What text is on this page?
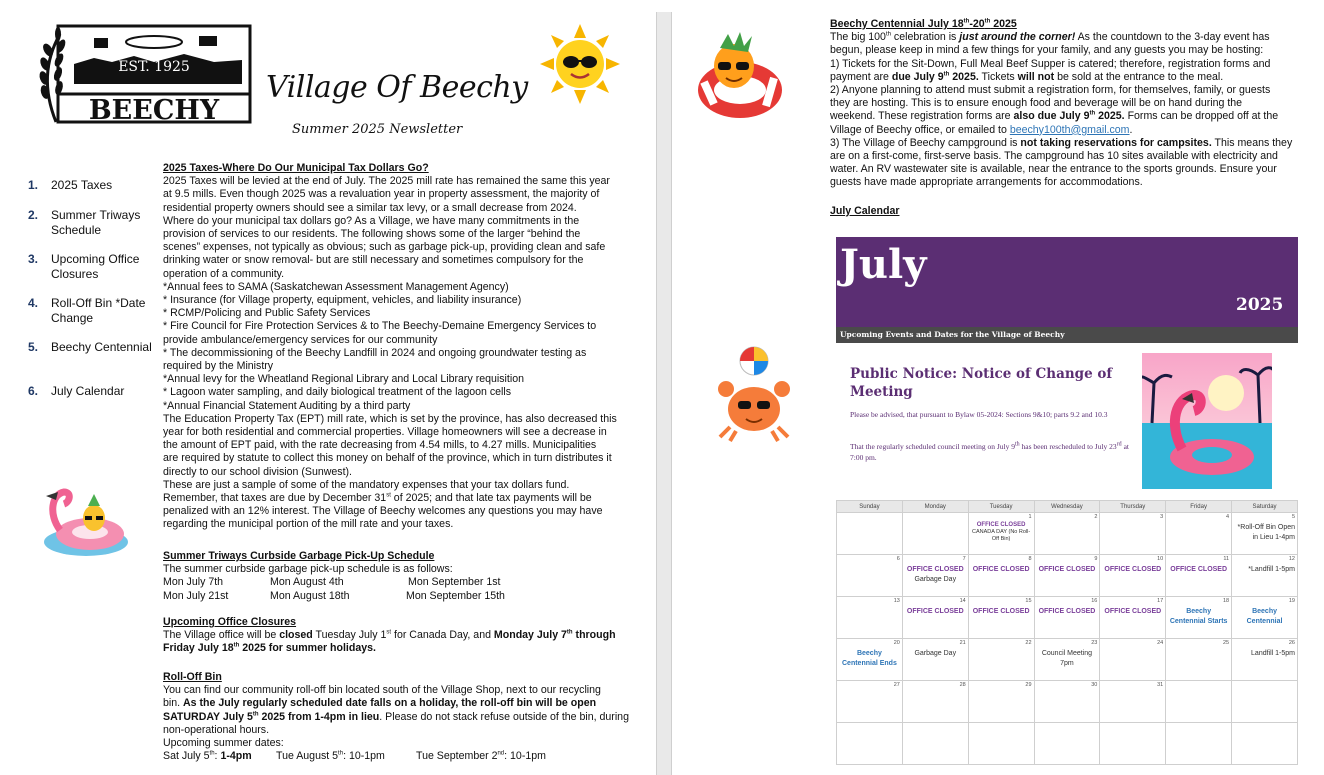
EST. 1925
BEECHY
Village Of Beechy
Summer 2025 Newsletter
1. 2025 Taxes
2. Summer Triways Schedule
3. Upcoming Office Closures
4. Roll-Off Bin *Date Change
5. Beechy Centennial
6. July Calendar
2025 Taxes-Where Do Our Municipal Tax Dollars Go?
2025 Taxes will be levied at the end of July. The 2025 mill rate has remained the same this year
at 9.5 mills. Even though 2025 was a revaluation year in property assessment, the majority of
residential property owners should see a similar tax levy, or a small decrease from 2024.
Where do your municipal tax dollars go? As a Village, we have many commitments in the
provision of services to our residents. The following shows some of the larger “behind the
scenes” expenses, not typically as obvious; such as garbage pick-up, providing clean and safe
drinking water or snow removal- but are still necessary and sometimes compulsory for the
operation of a community.
*Annual fees to SAMA (Saskatchewan Assessment Management Agency)
* Insurance (for Village property, equipment, vehicles, and liability insurance)
* RCMP/Policing and Public Safety Services
* Fire Council for Fire Protection Services & to The Beechy-Demaine Emergency Services to
provide ambulance/emergency services for our community
* The decommissioning of the Beechy Landfill in 2024 and ongoing groundwater testing as
required by the Ministry
*Annual levy for the Wheatland Regional Library and Local Library requisition
* Lagoon water sampling, and daily biological treatment of the lagoon cells
*Annual Financial Statement Auditing by a third party
The Education Property Tax (EPT) mill rate, which is set by the province, has also decreased this
year for both residential and commercial properties. Village homeowners will see a decrease in
the amount of EPT paid, with the rate decreasing from 4.54 mills, to 4.27 mills. Municipalities
are required by statute to collect this money on behalf of the province, which in turn distributes it
directly to our school division (Sunwest).
These are just a sample of some of the mandatory expenses that your tax dollars fund.
Remember, that taxes are due by December 31st of 2025; and that late tax payments will be
penalized with an 12% interest. The Village of Beechy welcomes any questions you may have
regarding the municipal portion of the mill rate and your taxes.
Summer Triways Curbside Garbage Pick-Up Schedule
The summer curbside garbage pick-up schedule is as follows:
Mon July 7th	Mon August 4th	Mon September 1st
Mon July 21st	Mon August 18th	Mon September 15th
Upcoming Office Closures
The Village office will be closed Tuesday July 1st for Canada Day, and Monday July 7th through
Friday July 18th 2025 for summer holidays.
Roll-Off Bin
You can find our community roll-off bin located south of the Village Shop, next to our recycling
bin. As the July regularly scheduled date falls on a holiday, the roll-off bin will be open
SATURDAY July 5th 2025 from 1-4pm in lieu. Please do not stack refuse outside of the bin, during
non-operational hours.
Upcoming summer dates:
Sat July 5th: 1-4pm Tue August 5th: 10-1pm	Tue September 2nd: 10-1pm
Beechy Centennial July 18th-20th 2025
The big 100th celebration is just around the corner! As the countdown to the 3-day event has
begun, please keep in mind a few things for your family, and any guests you may be hosting:
1) Tickets for the Sit-Down, Full Meal Beef Supper is catered; therefore, registration forms and
payment are due July 9th 2025. Tickets will not be sold at the entrance to the meal.
2) Anyone planning to attend must submit a registration form, for themselves, family, or guests
they are hosting. This is to ensure enough food and beverage will be on hand during the
weekend. These registration forms are also due July 9th 2025. Forms can be dropped off at the
Village of Beechy office, or emailed to beechy100th@gmail.com.
3) The Village of Beechy campground is not taking reservations for campsites. This means they
are on a first-come, first-serve basis. The campground has 10 sites available with electricity and
water. An RV wastewater site is available, near the entrance to the sports grounds. Ensure your
guests have made appropriate arrangements for accommodations.
July Calendar
July
2025
Upcoming Events and Dates for the Village of Beechy
Public Notice: Notice of Change of Meeting
Please be advised, that pursuant to Bylaw 05-2024: Sections 9&10; parts 9.2 and 10.3
That the regularly scheduled council meeting on July 9th has been rescheduled to July 23rd at 7:00 pm.
Sunday	Monday	Tuesday	Wednesday	Thursday	Friday	Saturday

		1
OFFICE CLOSED
CANADA DAY (No Roll-Off Bin)	2	3	4	5
*Roll-Off Bin Open in Lieu 1-4pm

6	7
OFFICE CLOSED
Garbage Day	8
OFFICE CLOSED	9
OFFICE CLOSED	10
OFFICE CLOSED	11
OFFICE CLOSED	12
*Landfill 1-5pm

13	14
OFFICE CLOSED	15
OFFICE CLOSED	16
OFFICE CLOSED	17
OFFICE CLOSED	18
Beechy Centennial Starts	19
Beechy Centennial

20
Beechy Centennial Ends	21
Garbage Day	22	23
Council Meeting 7pm	24	25	26
Landfill 1-5pm

27	28	29	30	31		
